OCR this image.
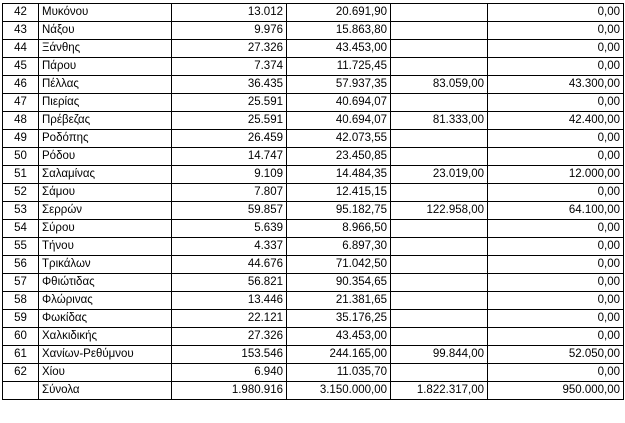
42	Μυκόνου	13.012	20.691,90		0,00
43	Νάξου	9.976	15.863,80		0,00
44	Ξάνθης	27.326	43.453,00		0,00
45	Πάρου	7.374	11.725,45		0,00
46	Πέλλας	36.435	57.937,35	83.059,00	43.300,00
47	Πιερίας	25.591	40.694,07		0,00
48	Πρέβεζας	25.591	40.694,07	81.333,00	42.400,00
49	Ροδόπης	26.459	42.073,55		0,00
50	Ρόδου	14.747	23.450,85		0,00
51	Σαλαμίνας	9.109	14.484,35	23.019,00	12.000,00
52	Σάμου	7.807	12.415,15		0,00
53	Σερρών	59.857	95.182,75	122.958,00	64.100,00
54	Σύρου	5.639	8.966,50		0,00
55	Τήνου	4.337	6.897,30		0,00
56	Τρικάλων	44.676	71.042,50		0,00
57	Φθιώτιδας	56.821	90.354,65		0,00
58	Φλώρινας	13.446	21.381,65		0,00
59	Φωκίδας	22.121	35.176,25		0,00
60	Χαλκιδικής	27.326	43.453,00		0,00
61	Χανίων-Ρεθύμνου	153.546	244.165,00	99.844,00	52.050,00
62	Χίου	6.940	11.035,70		0,00
	Σύνολα	1.980.916	3.150.000,00	1.822.317,00	950.000,00
